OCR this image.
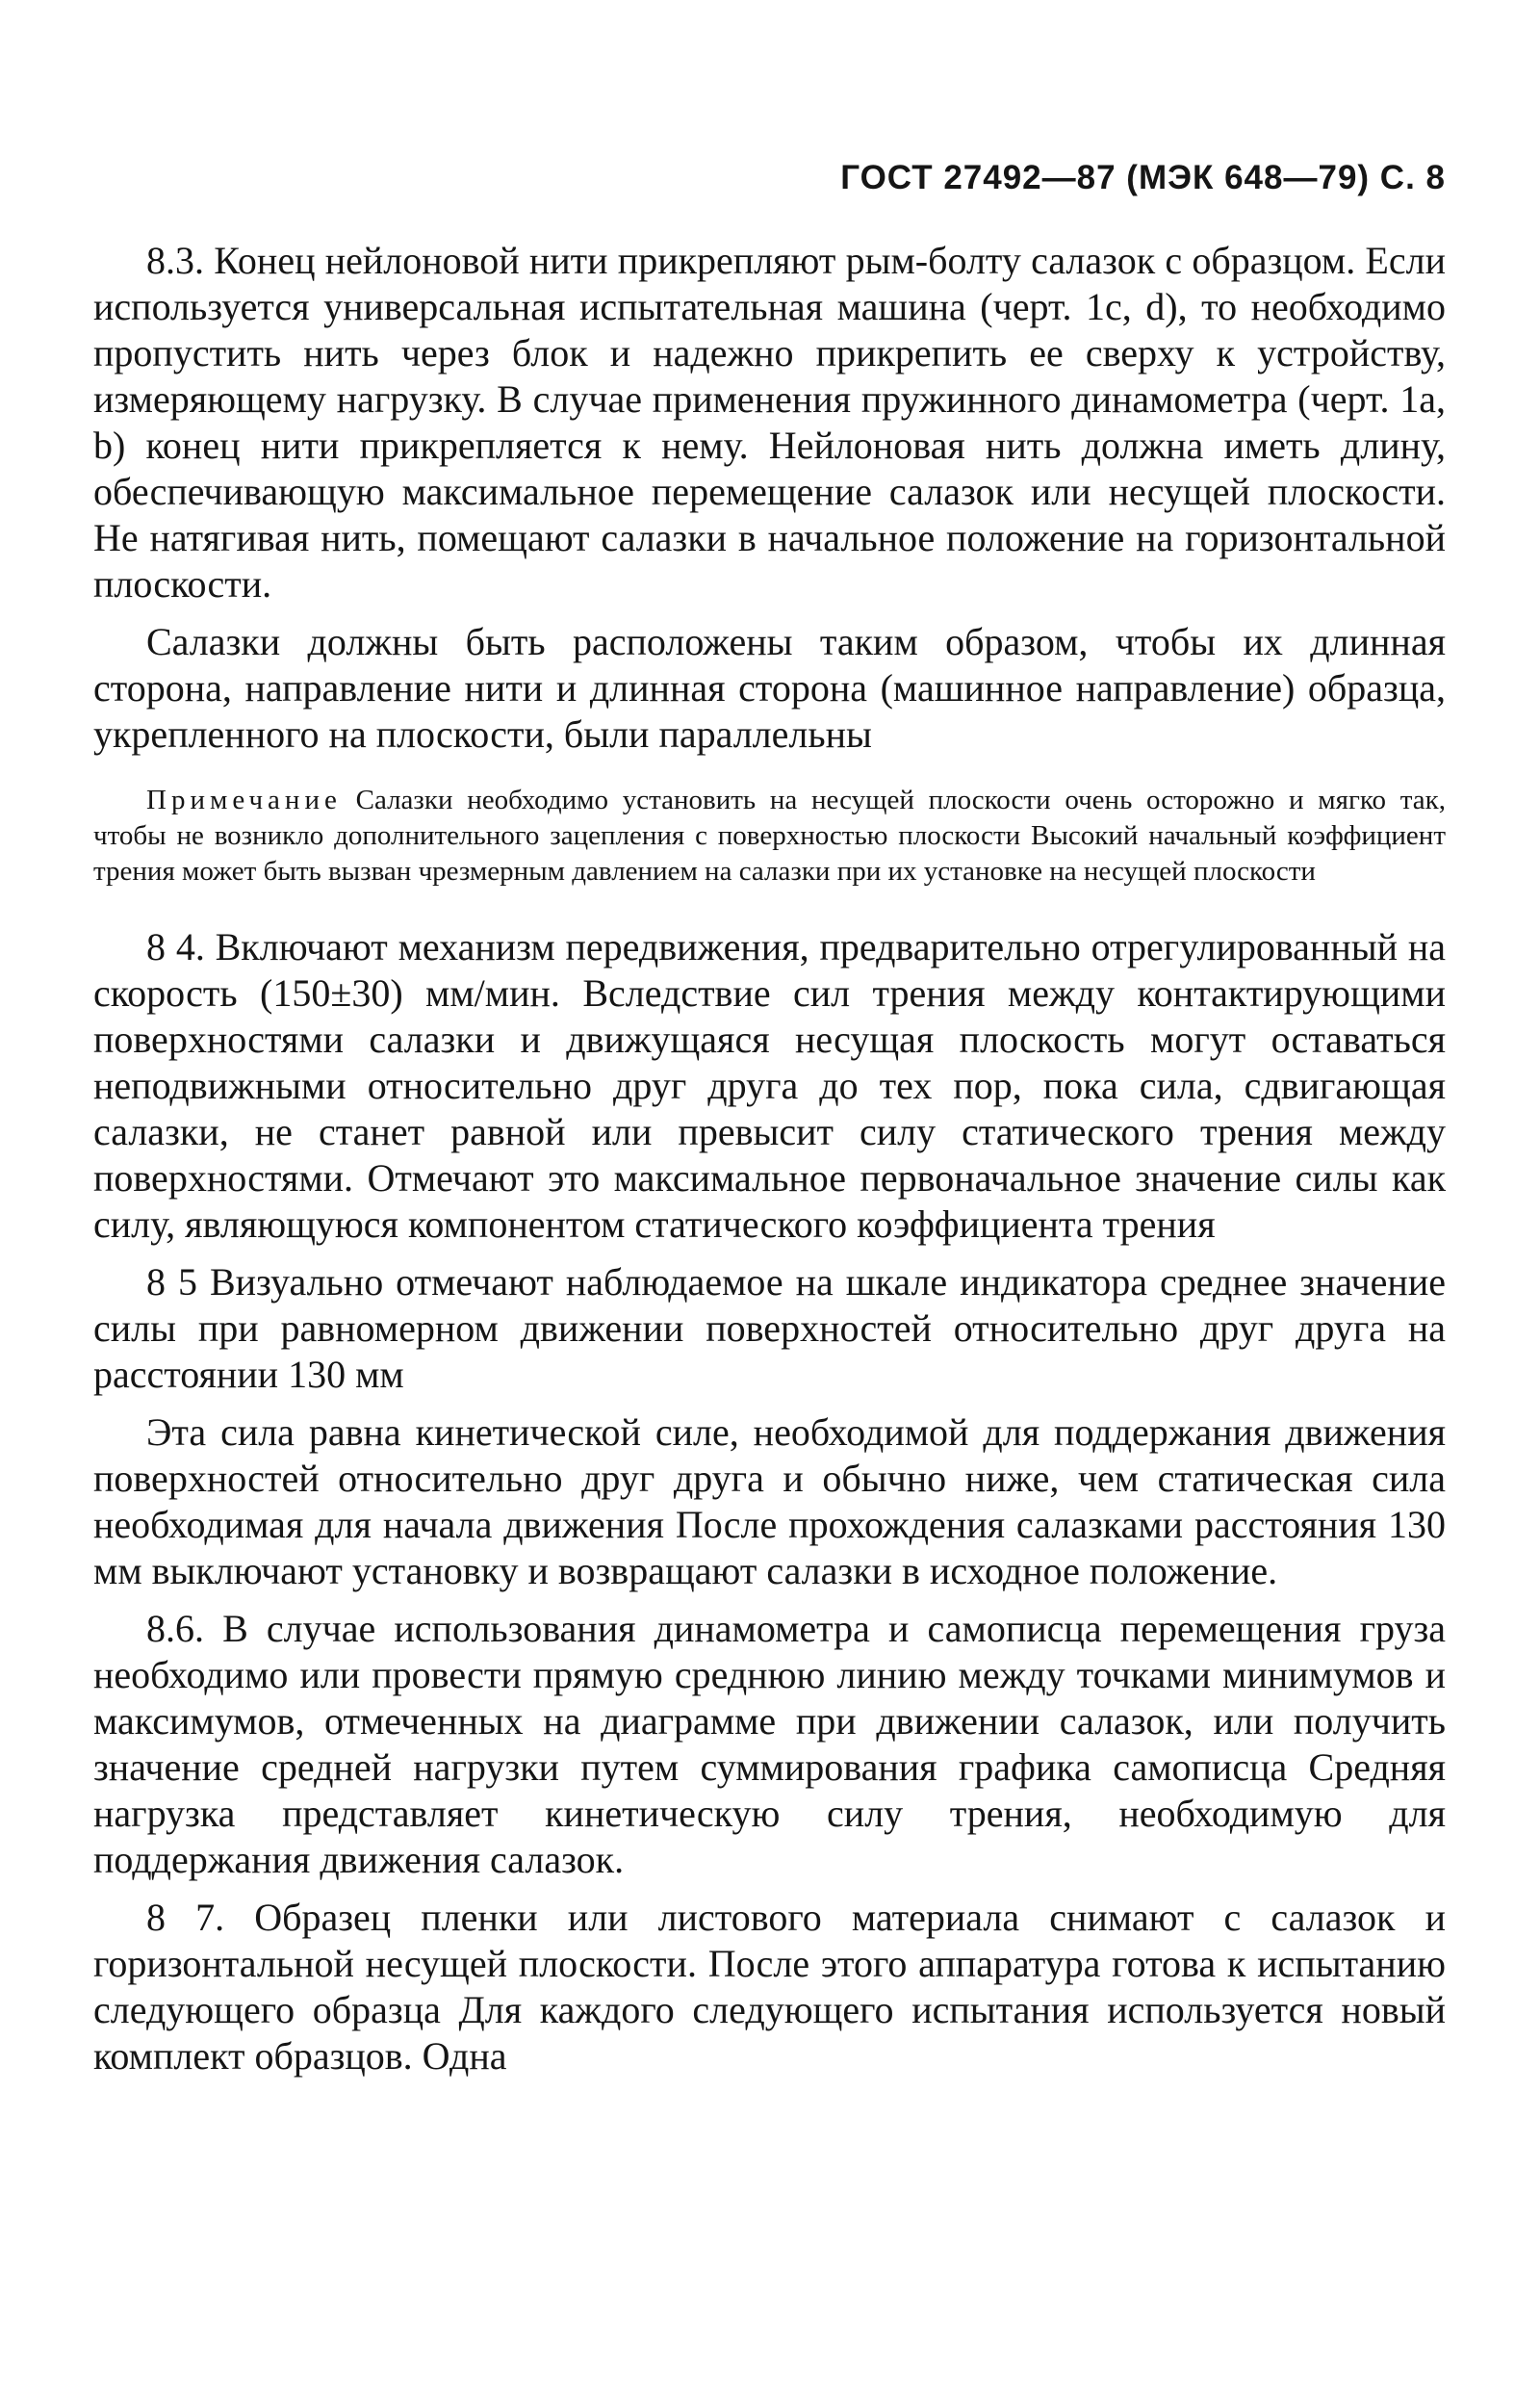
ГОСТ 27492—87 (МЭК 648—79) С. 8

8.3. Конец нейлоновой нити прикрепляют рым-болту салазок с образцом. Если используется универсальная испытательная машина (черт. 1c, d), то необходимо пропустить нить через блок и надежно прикрепить ее сверху к устройству, измеряющему нагрузку. В случае применения пружинного динамометра (черт. 1a, b) конец нити прикрепляется к нему. Нейлоновая нить должна иметь длину, обеспечивающую максимальное перемещение салазок или несущей плоскости. Не натягивая нить, помещают салазки в начальное положение на горизонтальной плоскости.

Салазки должны быть расположены таким образом, чтобы их длинная сторона, направление нити и длинная сторона (машинное направление) образца, укрепленного на плоскости, были параллельны

Примечание Салазки необходимо установить на несущей плоскости очень осторожно и мягко так, чтобы не возникло дополнительного зацепления с поверхностью плоскости Высокий начальный коэффициент трения может быть вызван чрезмерным давлением на салазки при их установке на несущей плоскости

8 4. Включают механизм передвижения, предварительно отрегулированный на скорость (150±30) мм/мин. Вследствие сил трения между контактирующими поверхностями салазки и движущаяся несущая плоскость могут оставаться неподвижными относительно друг друга до тех пор, пока сила, сдвигающая салазки, не станет равной или превысит силу статического трения между поверхностями. Отмечают это максимальное первоначальное значение силы как силу, являющуюся компонентом статического коэффициента трения

8 5 Визуально отмечают наблюдаемое на шкале индикатора среднее значение силы при равномерном движении поверхностей относительно друг друга на расстоянии 130 мм

Эта сила равна кинетической силе, необходимой для поддержания движения поверхностей относительно друг друга и обычно ниже, чем статическая сила необходимая для начала движения После прохождения салазками расстояния 130 мм выключают установку и возвращают салазки в исходное положение.

8.6. В случае использования динамометра и самописца перемещения груза необходимо или провести прямую среднюю линию между точками минимумов и максимумов, отмеченных на диаграмме при движении салазок, или получить значение средней нагрузки путем суммирования графика самописца Средняя нагрузка представляет кинетическую силу трения, необходимую для поддержания движения салазок.

8 7. Образец пленки или листового материала снимают с салазок и горизонтальной несущей плоскости. После этого аппаратура готова к испытанию следующего образца Для каждого следующего испытания используется новый комплект образцов. Одна
